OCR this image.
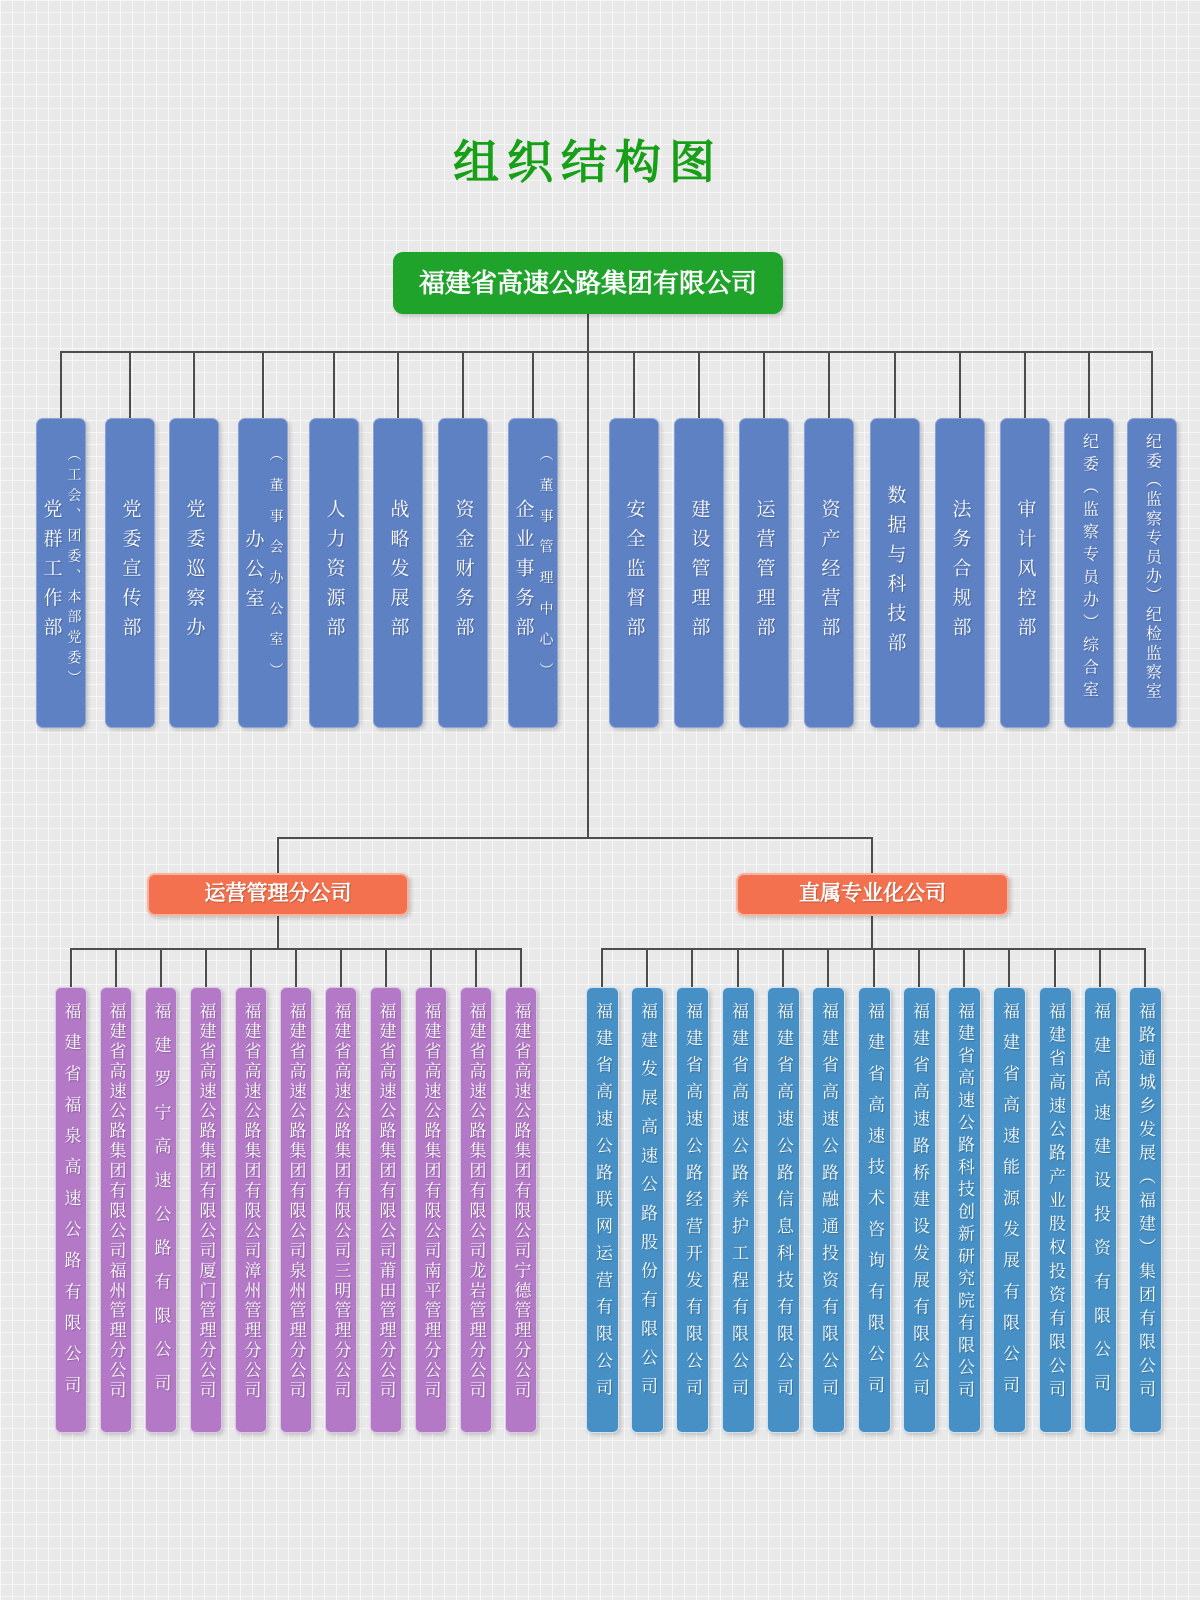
组织结构图
福建省高速公路集团有限公司
党群工作部 （工会、团委、本部党委） 党委宣传部 党委巡察办 办公室 （董事会办公室） 人力资源部 战略发展部 资金财务部 企业事务部 （董事管理中心）	安全监督部 建设管理部 运营管理部 资产经营部 数据与科技部 法务合规部 审计风控部	纪委（监察专员办）综合室	纪委（监察专员办）纪检监察室
运营管理分公司	直属专业化公司
福建省福泉高速公路有限公司 福建省高速公路集团有限公司福州管理分公司 福建罗宁高速公路有限公司 福建省高速公路集团有限公司厦门管理分公司 福建省高速公路集团有限公司漳州管理分公司 福建省高速公路集团有限公司泉州管理分公司 福建省高速公路集团有限公司三明管理分公司 福建省高速公路集团有限公司莆田管理分公司 福建省高速公路集团有限公司南平管理分公司 福建省高速公路集团有限公司龙岩管理分公司 福建省高速公路集团有限公司宁德管理分公司	福建省高速公路联网运营有限公司 福建发展高速公路股份有限公司 福建省高速公路经营开发有限公司 福建省高速公路养护工程有限公司 福建省高速公路信息科技有限公司 福建省高速公路融通投资有限公司 福建省高速技术咨询有限公司 福建省高速路桥建设发展有限公司 福建省高速公路科技创新研究院有限公司 福建省高速能源发展有限公司 福建省高速公路产业股权投资有限公司 福建高速建设投资有限公司 福路通城乡发展（福建）集团有限公司
